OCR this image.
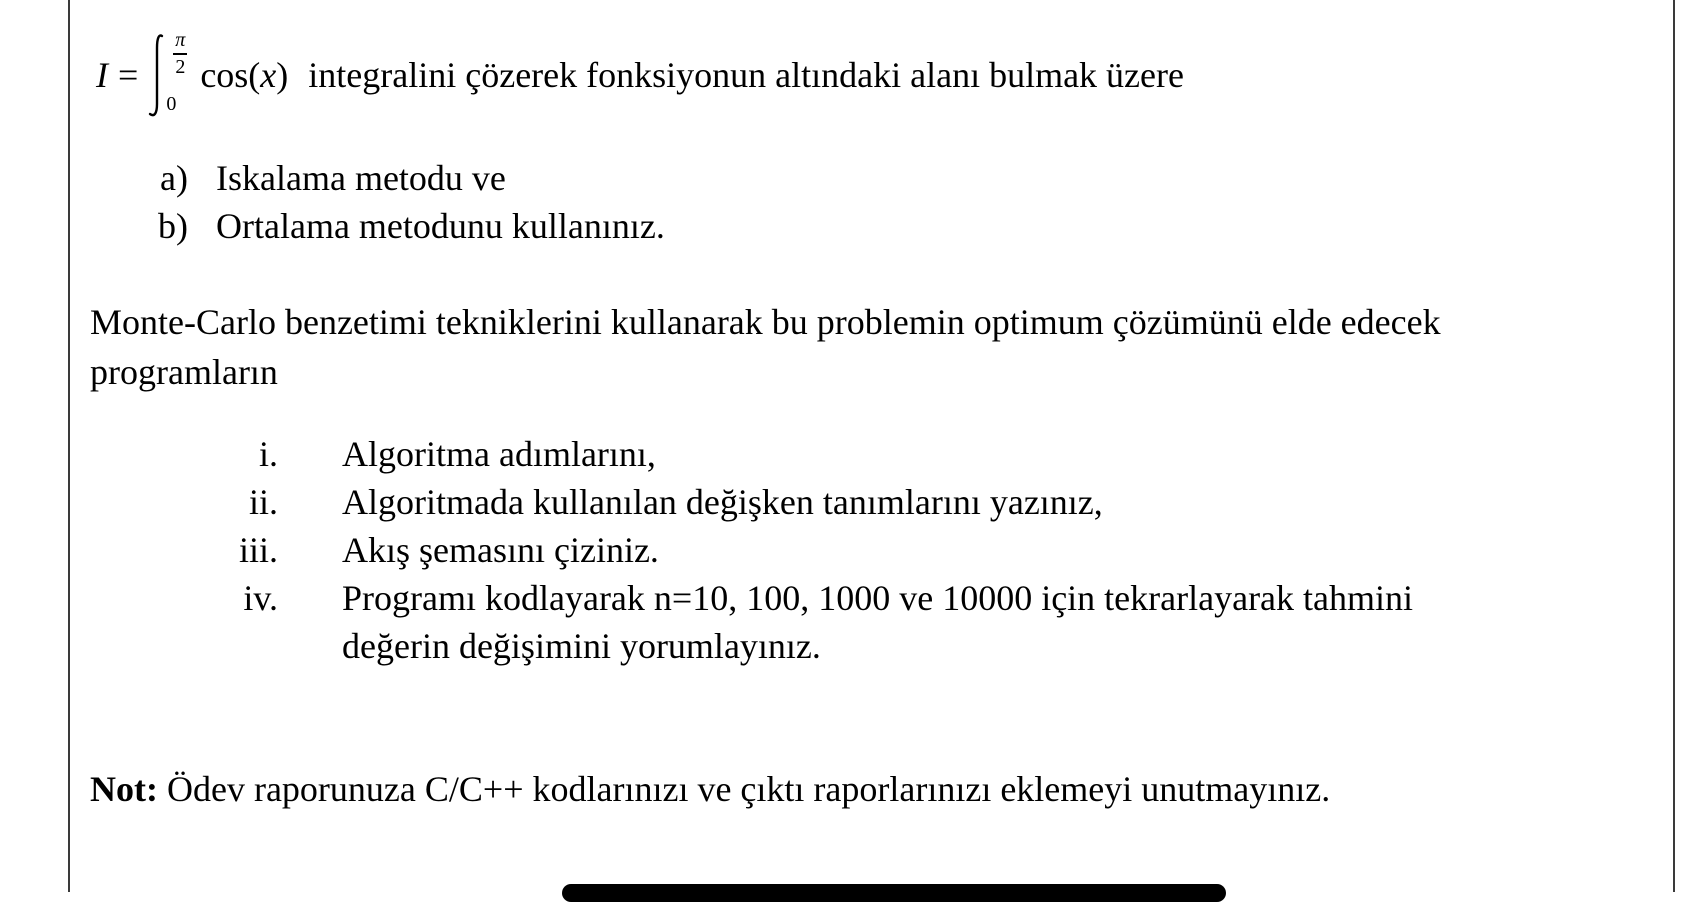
I =
π
2
0
cos(x) integralini çözerek fonksiyonun altındaki alanı bulmak üzere
a) Iskalama metodu ve
b) Ortalama metodunu kullanınız.

Monte-Carlo benzetimi tekniklerini kullanarak bu problemin optimum çözümünü elde edecek

programların

i. Algoritma adımlarını,
ii. Algoritmada kullanılan değişken tanımlarını yazınız,
iii. Akış şemasını çiziniz.
iv. Programı kodlayarak n=10, 100, 1000 ve 10000 için tekrarlayarak tahmini
değerin değişimini yorumlayınız.
Not: Ödev raporunuza C/C++ kodlarınızı ve çıktı raporlarınızı eklemeyi unutmayınız.
